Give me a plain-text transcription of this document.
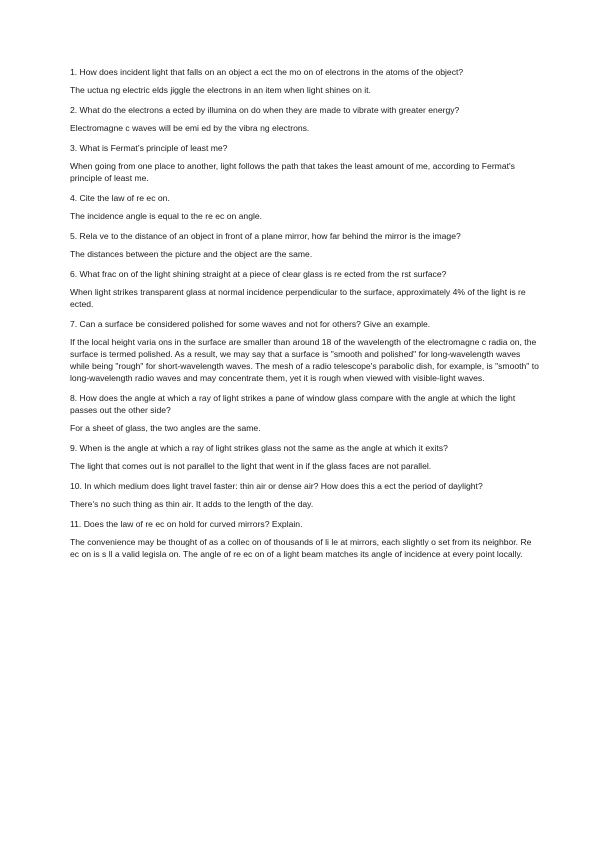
1. How does incident light that falls on an object a ect the mo on of electrons in the atoms of the object?

The uctua ng electric elds jiggle the electrons in an item when light shines on it.

2. What do the electrons a ected by illumina on do when they are made to vibrate with greater energy?

Electromagne c waves will be emi ed by the vibra ng electrons.

3. What is Fermat’s principle of least me?

When going from one place to another, light follows the path that takes the least amount of me, according to Fermat's principle of least me.

4. Cite the law of re ec on.

The incidence angle is equal to the re ec on angle.

5. Rela ve to the distance of an object in front of a plane mirror, how far behind the mirror is the image?

The distances between the picture and the object are the same.

6. What frac on of the light shining straight at a piece of clear glass is re ected from the rst surface?

When light strikes transparent glass at normal incidence perpendicular to the surface, approximately 4% of the light is re ected.

7. Can a surface be considered polished for some waves and not for others? Give an example.

If the local height varia ons in the surface are smaller than around 18 of the wavelength of the electromagne c radia on, the surface is termed polished. As a result, we may say that a surface is "smooth and polished" for long-wavelength waves while being "rough" for short-wavelength waves. The mesh of a radio telescope's parabolic dish, for example, is "smooth" to long-wavelength radio waves and may concentrate them, yet it is rough when viewed with visible-light waves.

8. How does the angle at which a ray of light strikes a pane of window glass compare with the angle at which the light passes out the other side?

For a sheet of glass, the two angles are the same.

9. When is the angle at which a ray of light strikes glass not the same as the angle at which it exits?

The light that comes out is not parallel to the light that went in if the glass faces are not parallel.

10. In which medium does light travel faster: thin air or dense air? How does this a ect the period of daylight?

There's no such thing as thin air. It adds to the length of the day.

11. Does the law of re ec on hold for curved mirrors? Explain.

The convenience may be thought of as a collec on of thousands of li le at mirrors, each slightly o set from its neighbor. Re ec on is s ll a valid legisla on. The angle of re ec on of a light beam matches its angle of incidence at every point locally.
